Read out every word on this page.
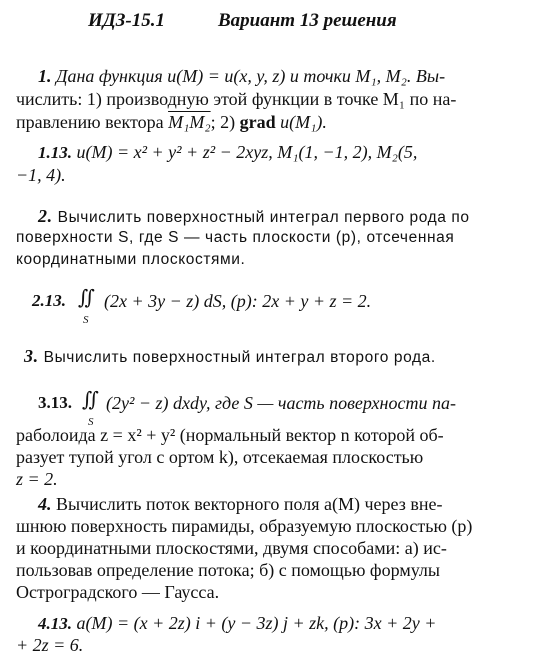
ИДЗ-15.1	Вариант 13 решения
1. Дана функция u(M) = u(x, y, z) и точки M₁, M₂. Вы-
числить: 1) производную этой функции в точке M₁ по на-
правлению вектора M₁M₂; 2) grad u(M₁).
1.13. u(M) = x² + y² + z² − 2xyz, M₁(1, −1, 2), M₂(5,
−1, 4).
2. Вычислить поверхностный интеграл первого рода по
поверхности S, где S — часть плоскости (p), отсеченная
координатными плоскостями.
2.13. ∬
S
(2x + 3y − z) dS, (p): 2x + y + z = 2.
3. Вычислить поверхностный интеграл второго рода.
3.13. ∬
S
(2y² − z) dxdy, где S — часть поверхности па-
раболоида z = x² + y² (нормальный вектор n которой об-
разует тупой угол с ортом k), отсекаемая плоскостью
z = 2.
4. Вычислить поток векторного поля a(M) через вне-
шнюю поверхность пирамиды, образуемую плоскостью (p)
и координатными плоскостями, двумя способами: а) ис-
пользовав определение потока; б) с помощью формулы
Остроградского — Гаусса.
4.13. a(M) = (x + 2z) i + (y − 3z) j + zk, (p): 3x + 2y +
+ 2z = 6.
